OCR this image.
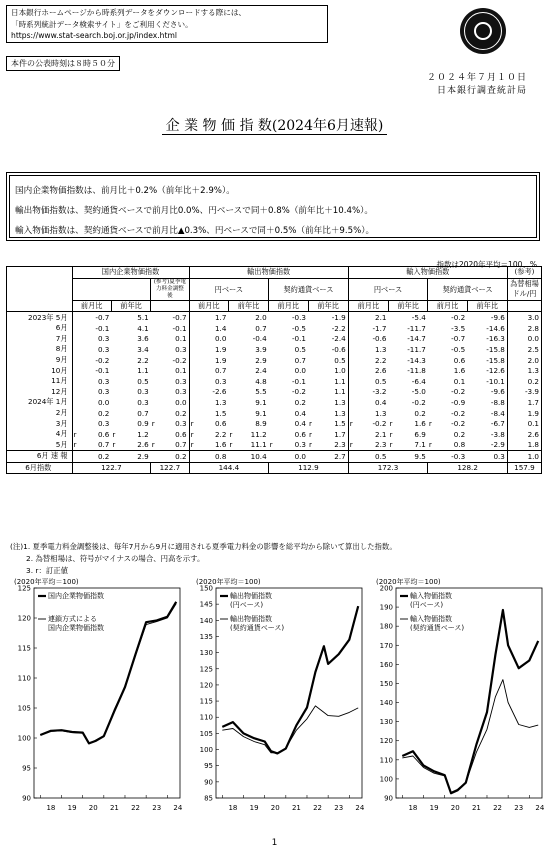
日本銀行ホームページから時系列データをダウンロードする際には、
「時系列統計データ検索サイト」をご利用ください。
https://www.stat-search.boj.or.jp/index.html
本件の公表時刻は８時５０分
２０２４年７月１０日
日本銀行調査統計局
企 業 物 価 指 数(2024年6月速報)
国内企業物価指数は、前月比＋0.2%（前年比＋2.9%）。
輸出物価指数は、契約通貨ベースで前月比0.0%、円ベースで同＋0.8%（前年比＋10.4%）。
輸入物価指数は、契約通貨ベースで前月比▲0.3%、円ベースで同＋0.5%（前年比＋9.5%）。
指数は2020年平均＝100、%
	国内企業物価指数			輸出物価指数				輸入物価指数				(参考)
			(参考)夏季電力料金調整後	円ベース		契約通貨ベース		円ベース		契約通貨ベース		為替相場
												ドル/円
	前月比	前年比		前月比	前年比	前月比	前年比	前月比	前年比	前月比	前年比	
2023年 5月	-0.7	5.1	-0.7	1.7	2.0	-0.3	-1.9	2.1	-5.4	-0.2	-9.6	3.0
6月	-0.1	4.1	-0.1	1.4	0.7	-0.5	-2.2	-1.7	-11.7	-3.5	-14.6	2.8
7月	0.3	3.6	0.1	0.0	-0.4	-0.1	-2.4	-0.6	-14.7	-0.7	-16.3	0.0
8月	0.3	3.4	0.3	1.9	3.9	0.5	-0.6	1.3	-11.7	-0.5	-15.8	2.5
9月	-0.2	2.2	-0.2	1.9	2.9	0.7	0.5	2.2	-14.3	0.6	-15.8	2.0
10月	-0.1	1.1	0.1	0.7	2.4	0.0	1.0	2.6	-11.8	1.6	-12.6	1.3
11月	0.3	0.5	0.3	0.3	4.8	-0.1	1.1	0.5	-6.4	0.1	-10.1	0.2
12月	0.3	0.3	0.3	-2.6	5.5	-0.2	1.1	-3.2	-5.0	-0.2	-9.6	-3.9
2024年 1月	0.0	0.3	0.0	1.3	9.1	0.2	1.3	0.4	-0.2	-0.9	-8.8	1.7
2月	0.2	0.7	0.2	1.5	9.1	0.4	1.3	1.3	0.2	-0.2	-8.4	1.9
3月	0.3	0.9	r 0.3	r 0.6	8.9	0.4	r 1.5	r -0.2	r 1.6	r -0.2	-6.7	0.1
4月	r 0.6	r 1.2	0.6	r 2.2	r 11.2	0.6	r 1.7	2.1	r 6.9	0.2	-3.8	2.6
5月	r 0.7	r 2.6	r 0.7	r 1.6	r 11.1	r 0.3	r 2.3	r 2.3	r 7.1	r 0.8	-2.9	1.8
6月 速 報	0.2	2.9	0.2	0.8	10.4	0.0	2.7	0.5	9.5	-0.3	0.3	1.0
6月指数	122.7		122.7	144.4		112.9		172.3		128.2		157.9
(注)1. 夏季電力料金調整後は、毎年7月から9月に適用される夏季電力料金の影響を総平均から除いて算出した指数。
2. 為替相場は、符号がマイナスの場合、円高を示す。
3. r：訂正値
(2020年平均＝100)
90
95
100
105
110
115
120
125
18 19 20 21 22 23 24
国内企業物価指数
連鎖方式による
国内企業物価指数
(2020年平均＝100)
85
90
95
100
105
110
115
120
125
130
135
140
145
150
18 19 20 21 22 23 24
輸出物価指数
(円ベース)
輸出物価指数
(契約通貨ベース)
(2020年平均＝100)
90
100
110
120
130
140
150
160
170
180
190
200
18 19 20 21 22 23 24
輸入物価指数
(円ベース)
輸入物価指数
(契約通貨ベース)
1
